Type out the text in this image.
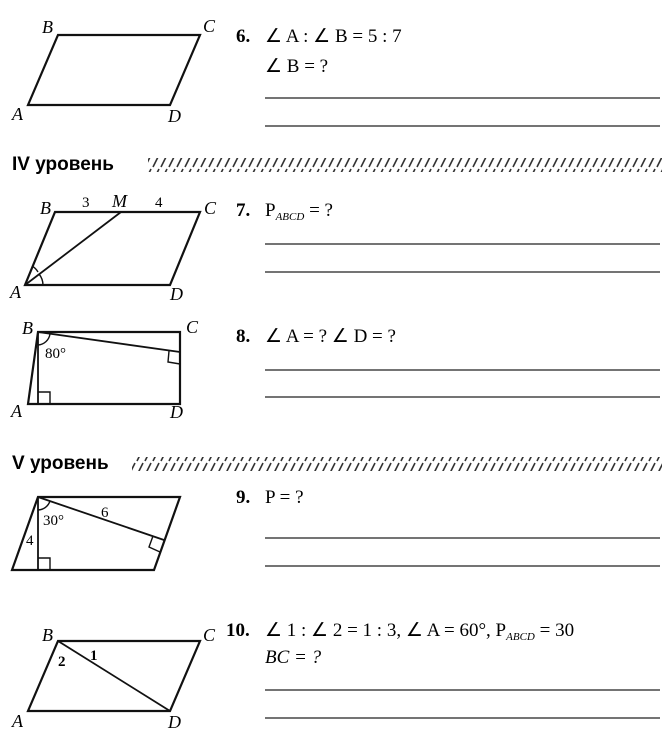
B	C
A	D
6. ∠ A : ∠ B = 5 : 7
∠ B = ?
IV уровень
B	M	C
A	D
3	4	7. $P_{ABCD}$ = ?
80°
B	C
A	D
8. ∠ A = ? ∠ D = ?
V уровень
30°
4
6
9. P = ?
B	C
A	D
1
2
10. ∠ 1 : ∠ 2 = 1 : 3, ∠ A = 60°, $P_{ABCD} = 30$
BC = ?
